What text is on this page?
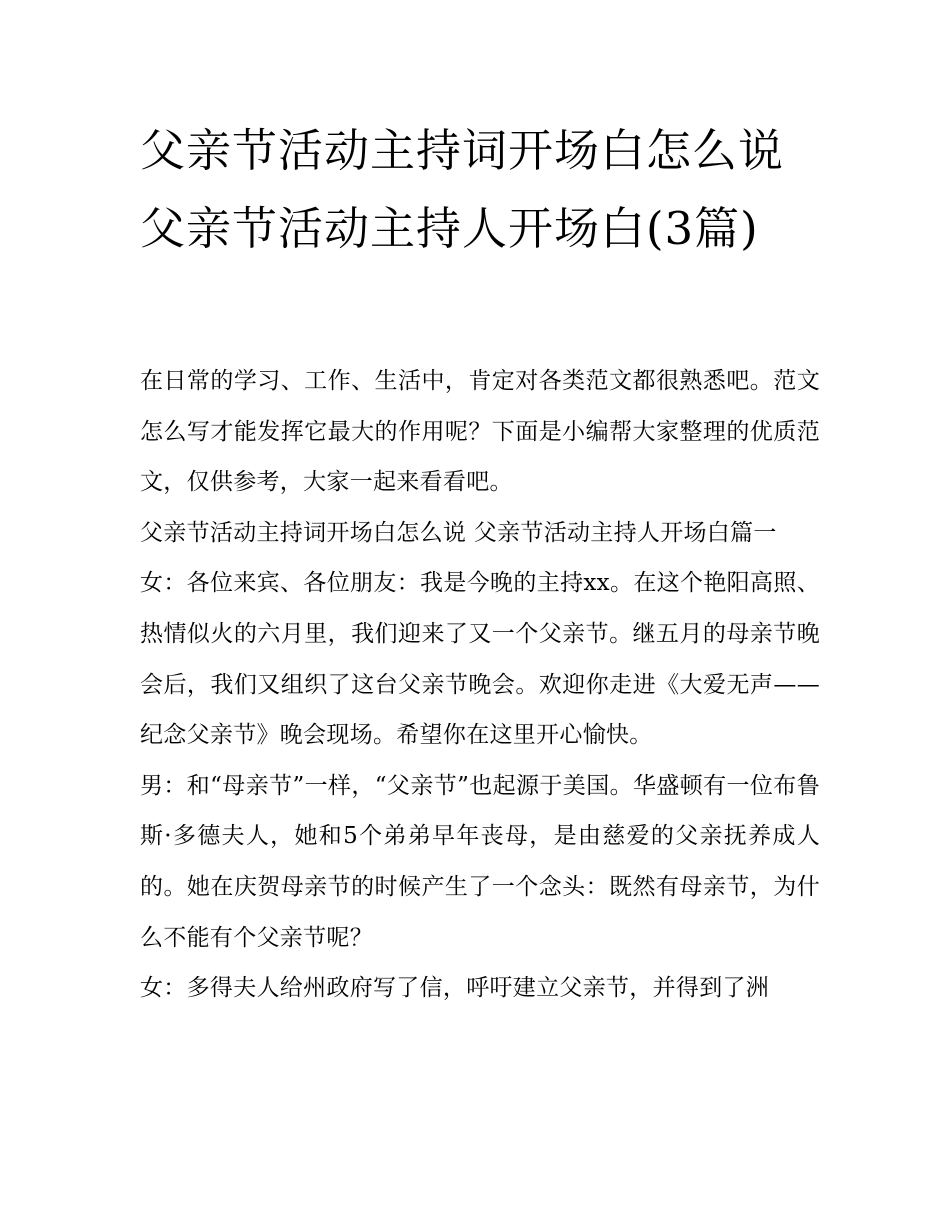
父亲节活动主持词开场白怎么说 父亲节活动主持人开场白(3篇)

在日常的学习、工作、生活中，肯定对各类范文都很熟悉吧。范文怎么写才能发挥它最大的作用呢？下面是小编帮大家整理的优质范文，仅供参考，大家一起来看看吧。

父亲节活动主持词开场白怎么说 父亲节活动主持人开场白篇一

女：各位来宾、各位朋友：我是今晚的主持xx。在这个艳阳高照、热情似火的六月里，我们迎来了又一个父亲节。继五月的母亲节晚会后，我们又组织了这台父亲节晚会。欢迎你走进《大爱无声——纪念父亲节》晚会现场。希望你在这里开心愉快。

男：和“母亲节”一样，“父亲节”也起源于美国。华盛顿有一位布鲁斯·多德夫人，她和5个弟弟早年丧母，是由慈爱的父亲抚养成人的。她在庆贺母亲节的时候产生了一个念头：既然有母亲节，为什么不能有个父亲节呢？

女：多得夫人给州政府写了信，呼吁建立父亲节，并得到了洲
